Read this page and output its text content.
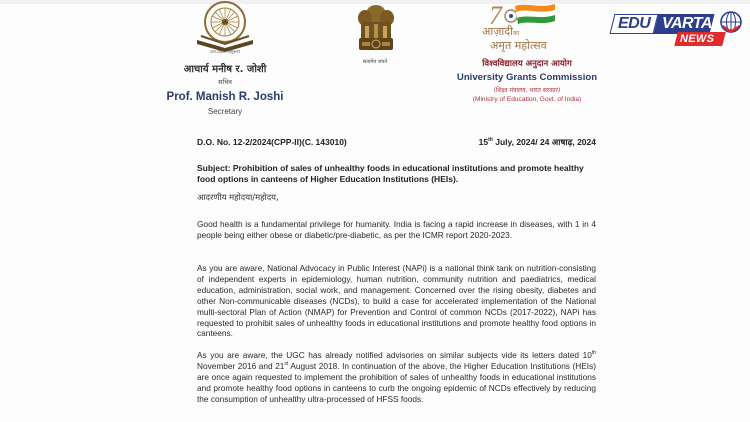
ज्ञान-विज्ञान विमुक्तये
आचार्य मनीष र. जोशी
सचिव
Prof. Manish R. Joshi
Secretary
सत्यमेव जयते
7
आज़ादीका
अमृत महोत्सव
विश्वविद्यालय अनुदान आयोग
University Grants Commission
(शिक्षा मंत्रालय, भारत सरकार)
(Ministry of Education, Govt. of India)
EDU VARTA
NEWS
D.O. No. 12-2/2024(CPP-II)(C. 143010)	15th July, 2024/ 24 आषाढ़, 2024
Subject: Prohibition of sales of unhealthy foods in educational institutions and promote healthy food options in canteens of Higher Education Institutions (HEIs).
आदरणीय महोदया/महोदय,
Good health is a fundamental privilege for humanity. India is facing a rapid increase in diseases, with 1 in 4 people being either obese or diabetic/pre-diabetic, as per the ICMR report 2020-2023.
As you are aware, National Advocacy in Public Interest (NAPi) is a national think tank on nutrition-consisting of independent experts in epidemiology, human nutrition, community nutrition and paediatrics, medical education, administration, social work, and management. Concerned over the rising obesity, diabetes and other Non-communicable diseases (NCDs), to build a case for accelerated implementation of the National multi-sectoral Plan of Action (NMAP) for Prevention and Control of common NCDs (2017-2022), NAPi has requested to prohibit sales of unhealthy foods in educational institutions and promote healthy food options in canteens.
As you are aware, the UGC has already notified advisories on similar subjects vide its letters dated 10th November 2016 and 21st August 2018. In continuation of the above, the Higher Education Institutions (HEIs) are once again requested to implement the prohibition of sales of unhealthy foods in educational institutions and promote healthy food options in canteens to curb the ongoing epidemic of NCDs effectively by reducing the consumption of unhealthy ultra-processed of HFSS foods.
